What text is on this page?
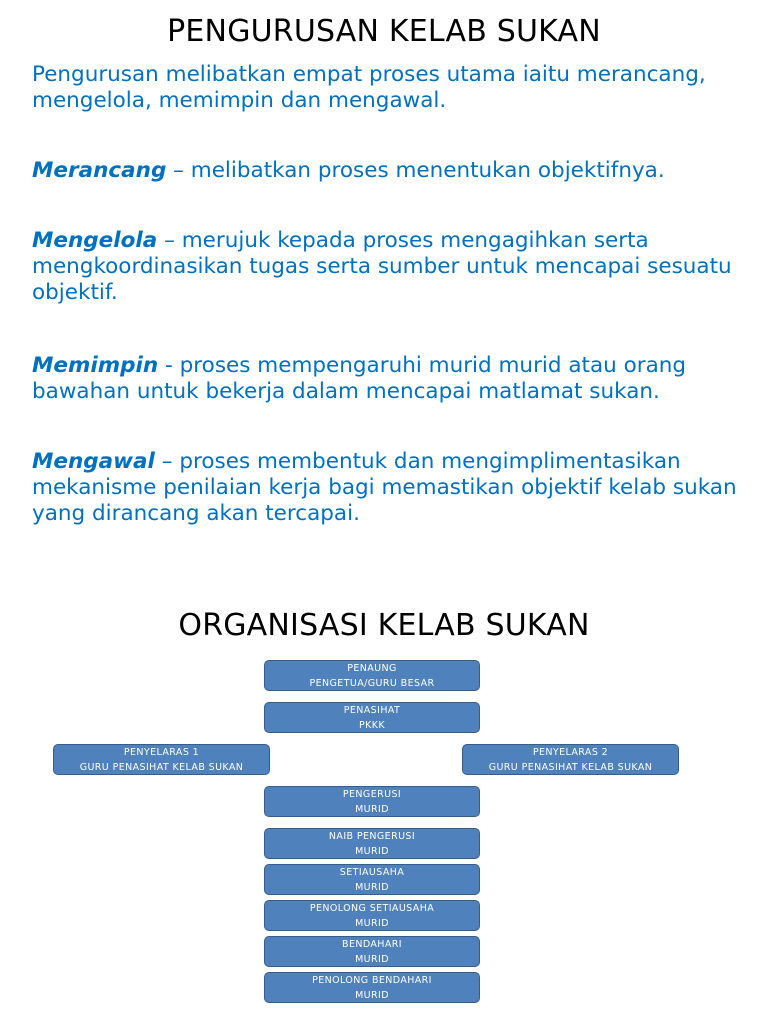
PENGURUSAN KELAB SUKAN

Pengurusan melibatkan empat proses utama iaitu merancang, mengelola, memimpin dan mengawal.

Merancang – melibatkan proses menentukan objektifnya.

Mengelola – merujuk kepada proses mengagihkan serta mengkoordinasikan tugas serta sumber untuk mencapai sesuatu objektif.

Memimpin - proses mempengaruhi murid murid atau orang bawahan untuk bekerja dalam mencapai matlamat sukan.

Mengawal – proses membentuk dan mengimplimentasikan mekanisme penilaian kerja bagi memastikan objektif kelab sukan yang dirancang akan tercapai.

ORGANISASI KELAB SUKAN
PENAUNG
PENGETUA/GURU BESAR
PENASIHAT
PKKK
PENYELARAS 1
GURU PENASIHAT KELAB SUKAN
PENYELARAS 2
GURU PENASIHAT KELAB SUKAN
PENGERUSI
MURID
NAIB PENGERUSI
MURID
SETIAUSAHA
MURID
PENOLONG SETIAUSAHA
MURID
BENDAHARI
MURID
PENOLONG BENDAHARI
MURID
